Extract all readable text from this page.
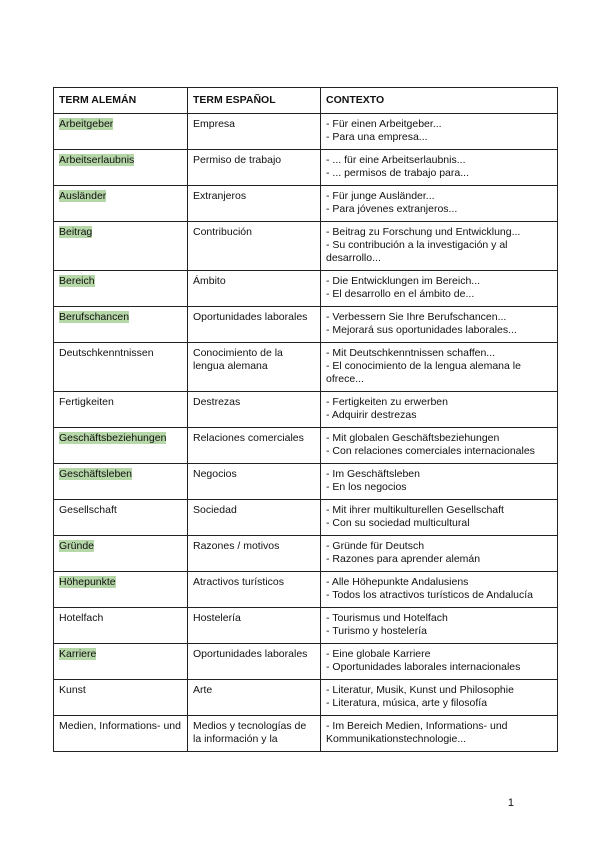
TERM ALEMÁN	TERM ESPAÑOL	CONTEXTO
Arbeitgeber	Empresa	- Für einen Arbeitgeber...
- Para una empresa...

Arbeitserlaubnis	Permiso de trabajo	- ... für eine Arbeitserlaubnis...
- ... permisos de trabajo para...

Ausländer	Extranjeros	- Für junge Ausländer...
- Para jóvenes extranjeros...

Beitrag	Contribución	- Beitrag zu Forschung und Entwicklung...
- Su contribución a la investigación y al desarrollo...

Bereich	Ámbito	- Die Entwicklungen im Bereich...
- El desarrollo en el ámbito de...

Berufschancen	Oportunidades laborales	- Verbessern Sie Ihre Berufschancen...
- Mejorará sus oportunidades laborales...

Deutschkenntnissen	Conocimiento de la lengua alemana	- Mit Deutschkenntnissen schaffen...
- El conocimiento de la lengua alemana le ofrece...

Fertigkeiten	Destrezas	- Fertigkeiten zu erwerben
- Adquirir destrezas

Geschäftsbeziehungen	Relaciones comerciales	- Mit globalen Geschäftsbeziehungen
- Con relaciones comerciales internacionales

Geschäftsleben	Negocios	- Im Geschäftsleben
- En los negocios

Gesellschaft	Sociedad	- Mit ihrer multikulturellen Gesellschaft
- Con su sociedad multicultural

Gründe	Razones / motivos	- Gründe für Deutsch
- Razones para aprender alemán

Höhepunkte	Atractivos turísticos	- Alle Höhepunkte Andalusiens
- Todos los atractivos turísticos de Andalucía

Hotelfach	Hostelería	- Tourismus und Hotelfach
- Turismo y hostelería

Karriere	Oportunidades laborales	- Eine globale Karriere
- Oportunidades laborales internacionales

Kunst	Arte	- Literatur, Musik, Kunst und Philosophie
- Literatura, música, arte y filosofía

Medien, Informations- und	Medios y tecnologías de la información y la	- Im Bereich Medien, Informations- und Kommunikationstechnologie...
1
